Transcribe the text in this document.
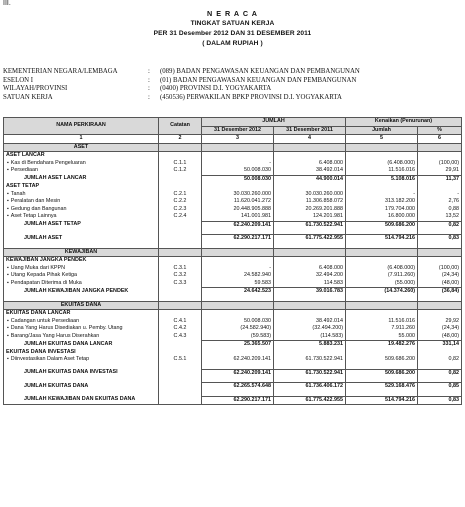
III.
N E R A C A
TINGKAT SATUAN KERJA
PER 31 Desember 2012 DAN 31 DESEMBER 2011
( DALAM RUPIAH )
KEMENTERIAN NEGARA/LEMBAGA	:	(089) BADAN PENGAWASAN KEUANGAN DAN PEMBANGUNAN
ESELON I	:	(01) BADAN PENGAWASAN KEUANGAN DAN PEMBANGUNAN
WILAYAH/PROVINSI	:	(0400) PROVINSI D.I. YOGYAKARTA
SATUAN KERJA	:	(450536) PERWAKILAN BPKP PROVINSI D.I. YOGYAKARTA
NAMA PERKIRAAN	Catatan	JUMLAH		Kenaikan (Penurunan)	
		31 Desember 2012	31 Desember 2011	Jumlah	%
1	2	3	4	5	6
ASET					
ASET LANCAR					
▪ Kas di Bendahara Pengeluaran	C.1.1	-	6.408.000	(6.408.000)	(100,00)
▪ Persediaan	C.1.2	50.008.030	38.492.014	11.516.016	29,91
JUMLAH ASET LANCAR		50.008.030	44.900.014	5.108.016	11,37
ASET TETAP					
▪ Tanah	C.2.1	30.030.260.000	30.030.260.000	-	-
▪ Peralatan dan Mesin	C.2.2	11.620.041.272	11.306.858.072	313.182.200	2,76
▪ Gedung dan Bangunan	C.2.3	20.448.905.888	20.269.201.888	179.704.000	0,88
▪ Aset Tetap Lainnya	C.2.4	141.001.981	124.201.981	16.800.000	13,52
JUMLAH ASET TETAP		62.240.209.141	61.730.522.941	509.686.200	0,82

JUMLAH ASET		62.290.217.171	61.775.422.955	514.794.216	0,83

KEWAJIBAN					
KEWAJIBAN JANGKA PENDEK					
▪ Uang Muka dari KPPN	C.3.1	-	6.408.000	(6.408.000)	(100,00)
▪ Utang Kepada Pihak Ketiga	C.3.2	24.582.940	32.494.200	(7.911.260)	(24,34)
▪ Pendapatan Diterima di Muka	C.3.3	59.583	114.583	(55.000)	(48,00)
JUMLAH KEWAJIBAN JANGKA PENDEK		24.642.523	39.016.783	(14.374.260)	(36,84)

EKUITAS DANA					
EKUITAS DANA LANCAR					
▪ Cadangan untuk Persediaan	C.4.1	50.008.030	38.492.014	11.516.016	29,92
▪ Dana Yang Harus Disediakan u. Pemby. Utang	C.4.2	(24.582.940)	(32.494.200)	7.911.260	(24,34)
▪ Barang/Jasa Yang Harus Diserahkan	C.4.3	(59.583)	(114.583)	55.000	(48,00)
JUMLAH EKUITAS DANA LANCAR		25.365.507	5.883.231	19.482.276	331,14
EKUITAS DANA INVESTASI					
▪ Diinvestasikan Dalam Aset Tetap	C.5.1	62.240.209.141	61.730.522.941	509.686.200	0,82

JUMLAH EKUITAS DANA INVESTASI		62.240.209.141	61.730.522.941	509.686.200	0,82

JUMLAH EKUITAS DANA		62.265.574.648	61.736.406.172	529.168.476	0,85

JUMLAH KEWAJIBAN DAN EKUITAS DANA		62.290.217.171	61.775.422.955	514.794.216	0,83
